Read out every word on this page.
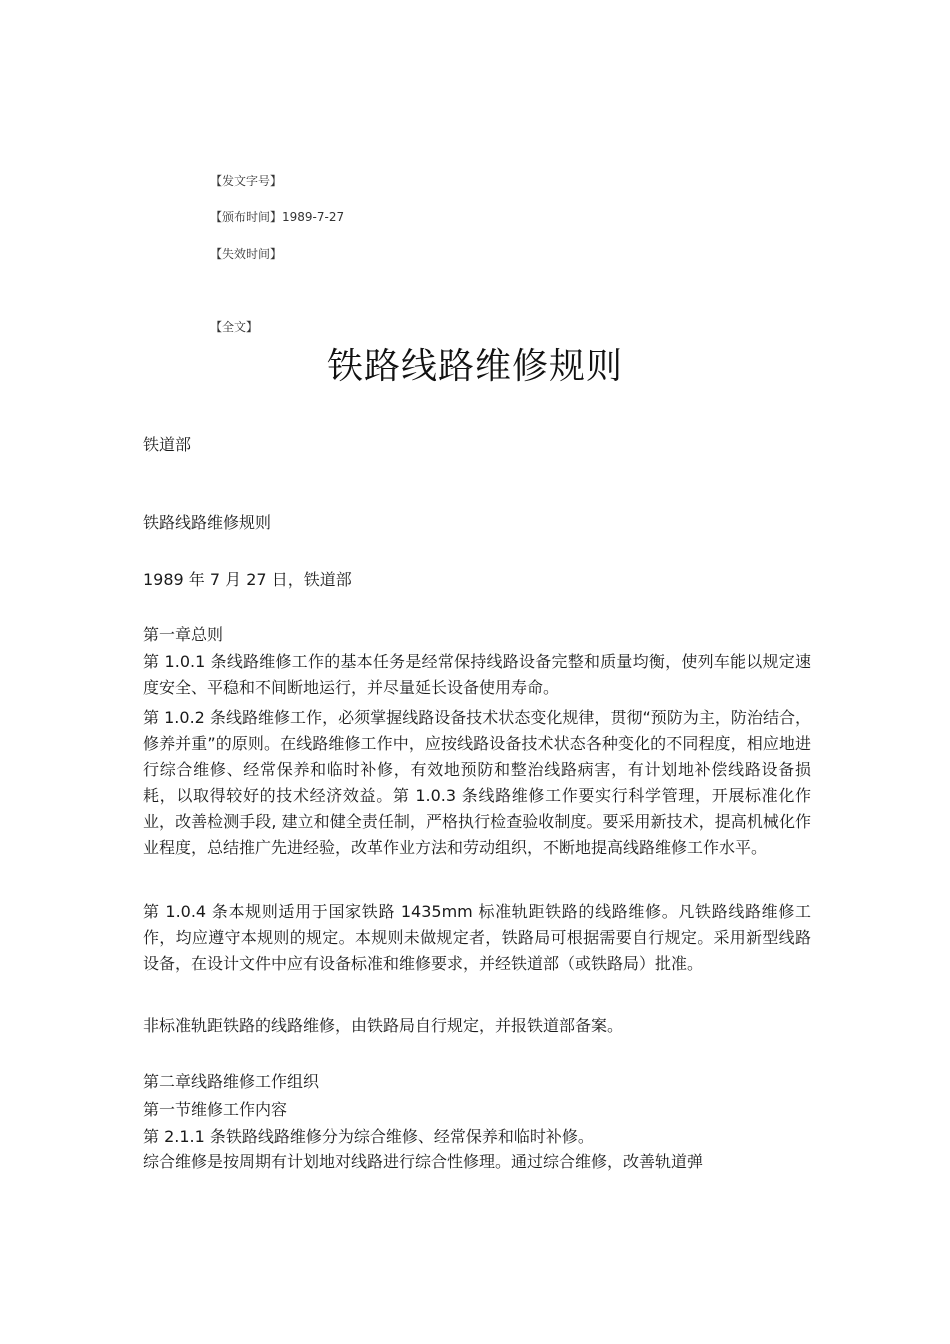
【发文字号】
【颁布时间】1989-7-27
【失效时间】
【全文】
铁路线路维修规则
铁道部
铁路线路维修规则
1989 年 7 月 27 日，铁道部
第一章总则
第 1.0.1 条线路维修工作的基本任务是经常保持线路设备完整和质量均衡，使列车能以规定速度安全、平稳和不间断地运行，并尽量延长设备使用寿命。
第 1.0.2 条线路维修工作，必须掌握线路设备技术状态变化规律，贯彻“预防为主，防治结合，修养并重”的原则。在线路维修工作中，应按线路设备技术状态各种变化的不同程度，相应地进行综合维修、经常保养和临时补修，有效地预防和整治线路病害，有计划地补偿线路设备损耗，以取得较好的技术经济效益。第 1.0.3 条线路维修工作要实行科学管理，开展标准化作业，改善检测手段, 建立和健全责任制，严格执行检查验收制度。要采用新技术，提高机械化作业程度，总结推广先进经验，改革作业方法和劳动组织，不断地提高线路维修工作水平。
第 1.0.4 条本规则适用于国家铁路 1435mm 标准轨距铁路的线路维修。凡铁路线路维修工作，均应遵守本规则的规定。本规则未做规定者，铁路局可根据需要自行规定。采用新型线路设备，在设计文件中应有设备标准和维修要求，并经铁道部（或铁路局）批准。
非标准轨距铁路的线路维修，由铁路局自行规定，并报铁道部备案。
第二章线路维修工作组织
第一节维修工作内容
第 2.1.1 条铁路线路维修分为综合维修、经常保养和临时补修。
综合维修是按周期有计划地对线路进行综合性修理。通过综合维修，改善轨道弹
